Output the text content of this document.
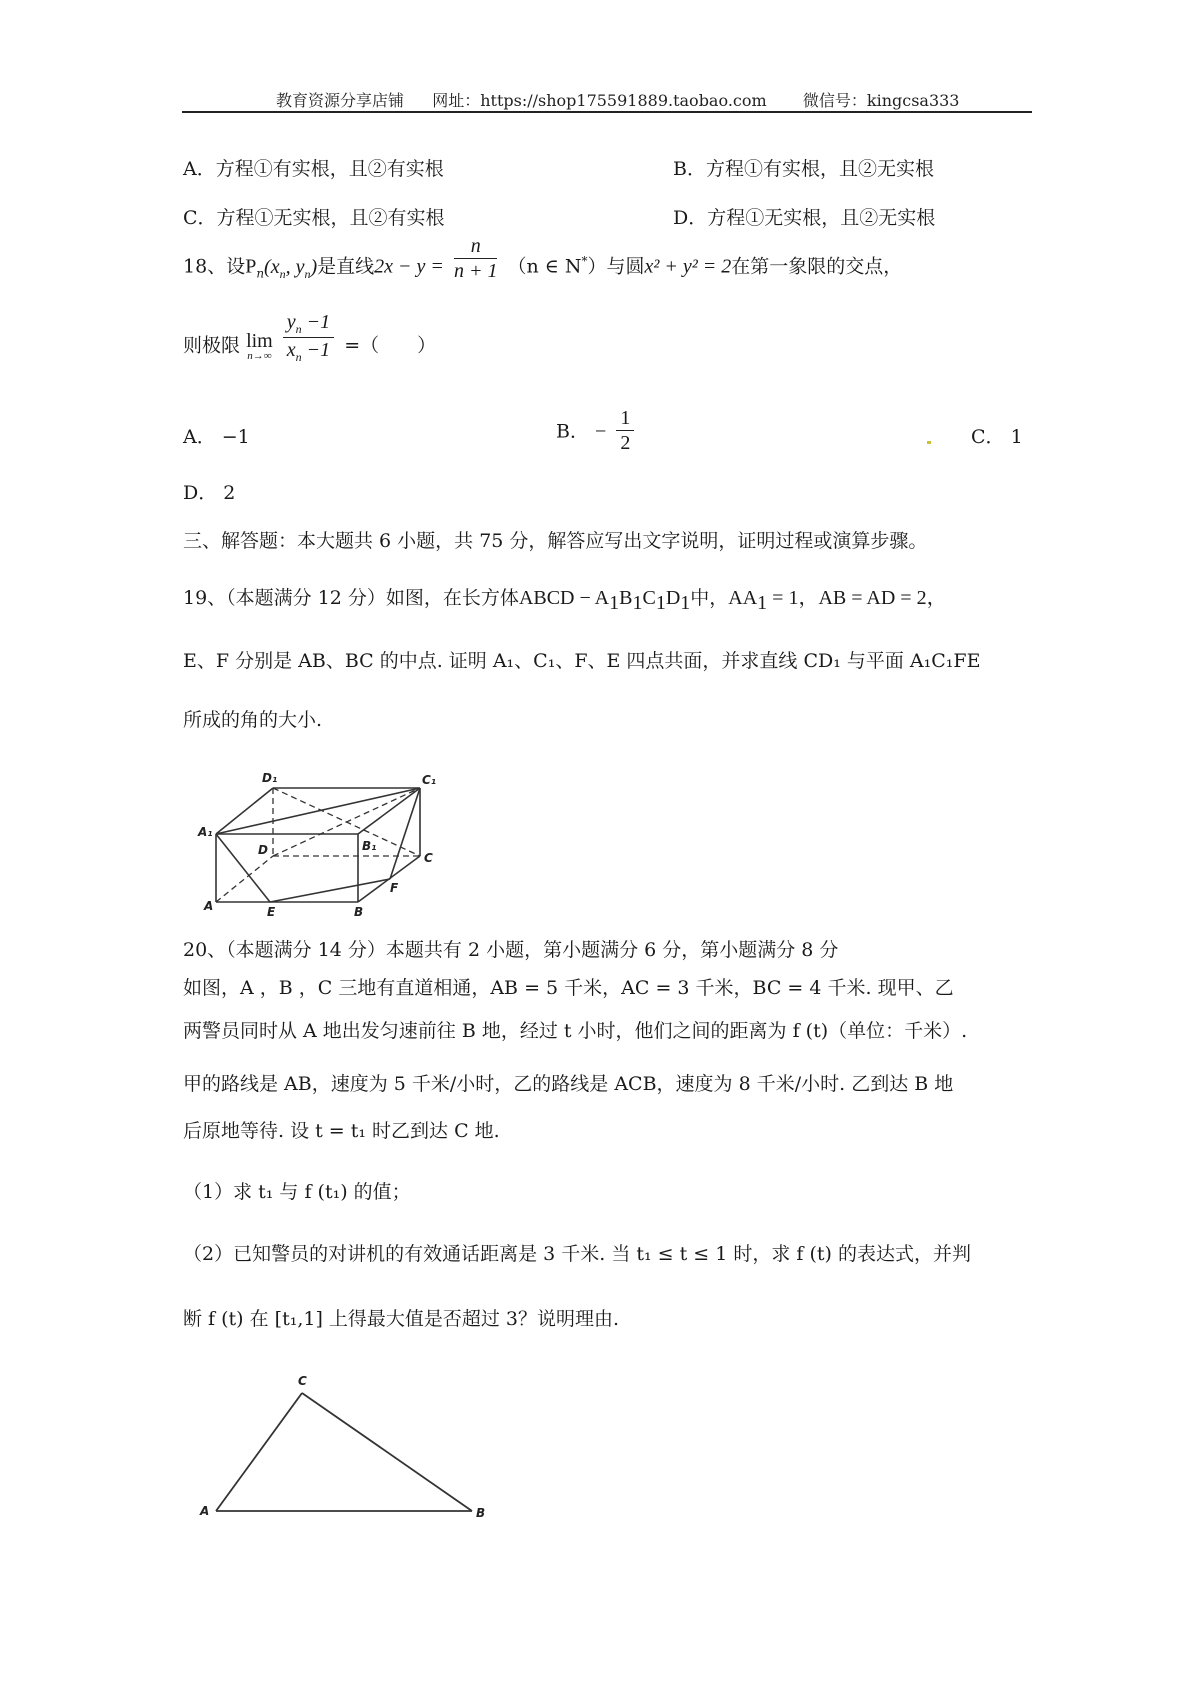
教育资源分享店铺 网址：https://shop175591889.taobao.com 微信号：kingcsa333
A．方程①有实根，且②有实根	B．方程①有实根，且②无实根
C．方程①无实根，且②有实根	D．方程①无实根，且②无实根
18、设$P_n(x_n$, $y_n$)是直线$2x - y = \frac{n}{n + 1} (n$ ∈ N*）与圆x² + y² = 2在第一象限的交点，
则极限 lim
n→∞
$\frac{y_n -1}{x_n -1}$ =（　　）
A． −1	B． − $\frac{1}{2}$	C． 1
D． 2
三、解答题：本大题共 6 小题，共 75 分，解答应写出文字说明，证明过程或演算步骤。
19、（本题满分 12 分）如图，在长方体ABCD − $A_1B_1C_1D_1$中，$AA_1 = 1$，AB = AD = 2，
E、F 分别是 AB、BC 的中点. 证明 A₁、C₁、F、E 四点共面，并求直线 CD₁ 与平面 A₁C₁FE
所成的角的大小.
D₁	C₁
A₁
D	B₁
C
F
A	E	B
20、（本题满分 14 分）本题共有 2 小题，第小题满分 6 分，第小题满分 8 分
如图，A ，B ，C 三地有直道相通，AB = 5 千米，AC = 3 千米，BC = 4 千米. 现甲、乙
两警员同时从 A 地出发匀速前往 B 地，经过 t 小时，他们之间的距离为 f (t)（单位：千米）.
甲的路线是 AB，速度为 5 千米/小时，乙的路线是 ACB，速度为 8 千米/小时. 乙到达 B 地
后原地等待. 设 t = t₁ 时乙到达 C 地.
（1）求 t₁ 与 f (t₁) 的值；
（2）已知警员的对讲机的有效通话距离是 3 千米. 当 t₁ ≤ t ≤ 1 时，求 f (t) 的表达式，并判
断 f (t) 在 [t₁,1] 上得最大值是否超过 3？说明理由.
C
A	B
